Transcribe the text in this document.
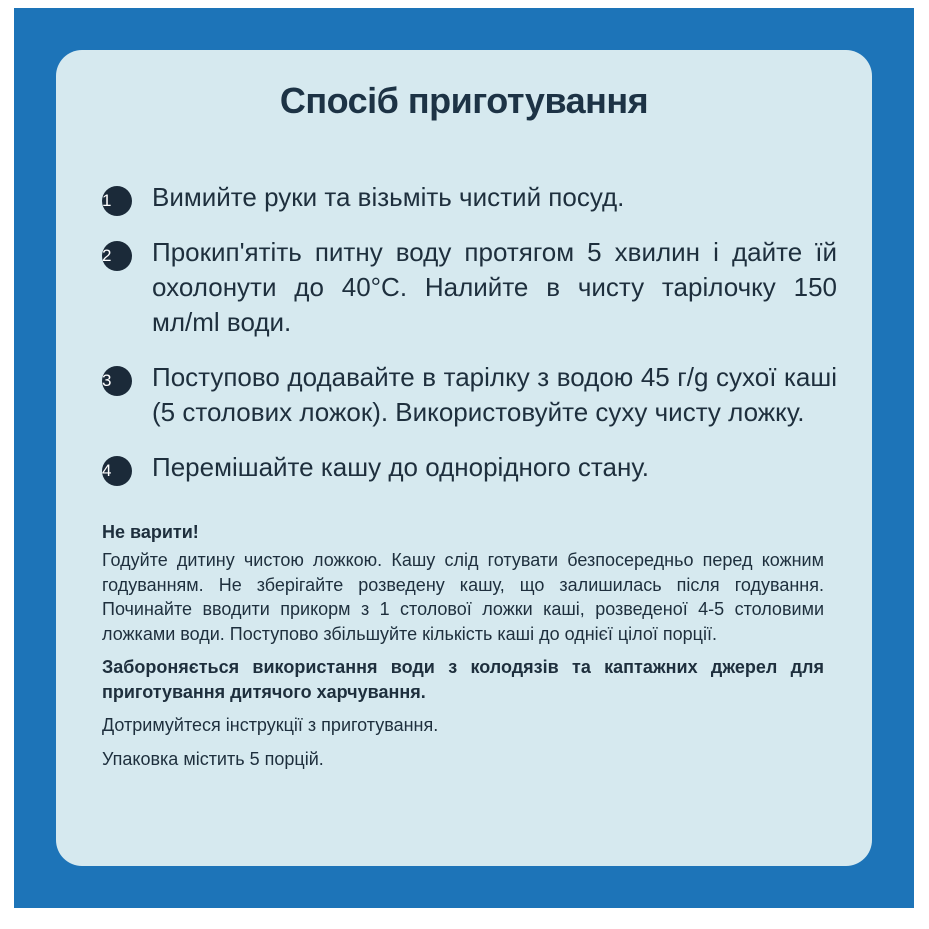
Спосіб приготування
1	Вимийте руки та візьміть чистий посуд.
2	Прокип'ятіть питну воду протягом 5 хвилин і дайте їй охолонути до 40°С. Налийте в чисту тарілочку 150 мл/ml води.
3	Поступово додавайте в тарілку з водою 45 г/g сухої каші (5 столових ложок). Використовуйте суху чисту ложку.
4	Перемішайте кашу до однорідного стану.
Не варити!
Годуйте дитину чистою ложкою. Кашу слід готувати безпосередньо перед кожним годуванням. Не зберігайте розведену кашу, що залишилась після годування. Починайте вводити прикорм з 1 столової ложки каші, розведеної 4-5 столовими ложками води. Поступово збільшуйте кількість каші до однієї цілої порції.
Забороняється використання води з колодязів та каптажних джерел для приготування дитячого харчування.
Дотримуйтеся інструкції з приготування.
Упаковка містить 5 порцій.
